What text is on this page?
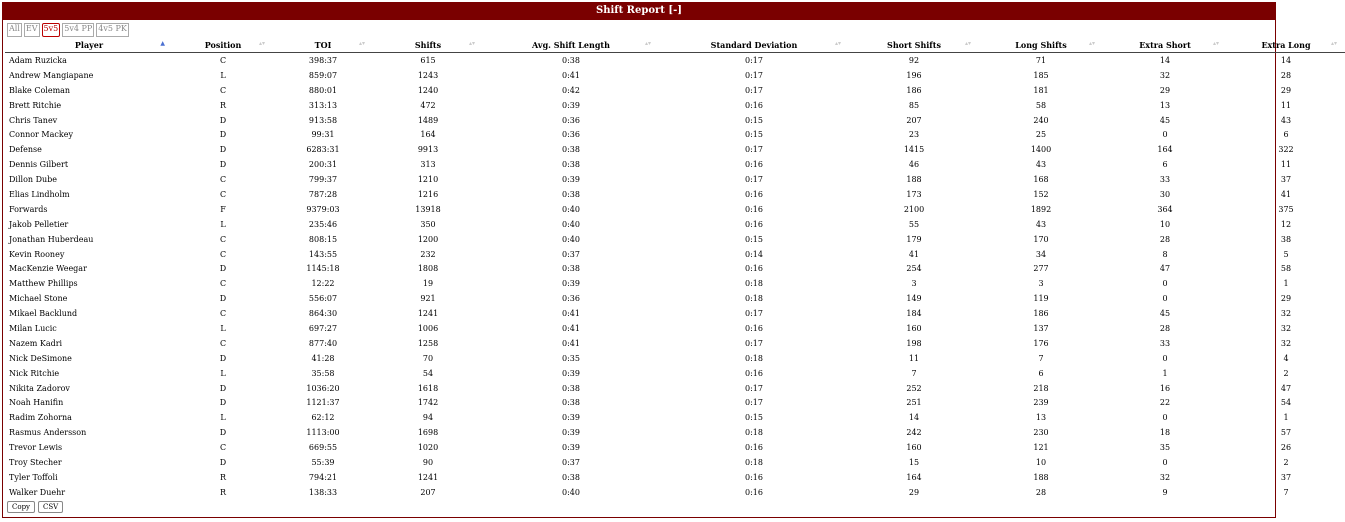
Shift Report [-]
All EV 5v5 5v4 PP 4v5 PK
Player ▲	Position ▴▾	TOI ▴▾	Shifts ▴▾	Avg. Shift Length ▴▾	Standard Deviation ▴▾	Short Shifts ▴▾	Long Shifts ▴▾	Extra Short ▴▾	Extra Long ▴▾

Adam Ruzicka	C	398:37	615	0:38	0:17	92	71	14	14
Andrew Mangiapane	L	859:07	1243	0:41	0:17	196	185	32	28
Blake Coleman	C	880:01	1240	0:42	0:17	186	181	29	29
Brett Ritchie	R	313:13	472	0:39	0:16	85	58	13	11
Chris Tanev	D	913:58	1489	0:36	0:15	207	240	45	43
Connor Mackey	D	99:31	164	0:36	0:15	23	25	0	6
Defense	D	6283:31	9913	0:38	0:17	1415	1400	164	322
Dennis Gilbert	D	200:31	313	0:38	0:16	46	43	6	11
Dillon Dube	C	799:37	1210	0:39	0:17	188	168	33	37
Elias Lindholm	C	787:28	1216	0:38	0:16	173	152	30	41
Forwards	F	9379:03	13918	0:40	0:16	2100	1892	364	375
Jakob Pelletier	L	235:46	350	0:40	0:16	55	43	10	12
Jonathan Huberdeau	C	808:15	1200	0:40	0:15	179	170	28	38
Kevin Rooney	C	143:55	232	0:37	0:14	41	34	8	5
MacKenzie Weegar	D	1145:18	1808	0:38	0:16	254	277	47	58
Matthew Phillips	C	12:22	19	0:39	0:18	3	3	0	1
Michael Stone	D	556:07	921	0:36	0:18	149	119	0	29
Mikael Backlund	C	864:30	1241	0:41	0:17	184	186	45	32
Milan Lucic	L	697:27	1006	0:41	0:16	160	137	28	32
Nazem Kadri	C	877:40	1258	0:41	0:17	198	176	33	32
Nick DeSimone	D	41:28	70	0:35	0:18	11	7	0	4
Nick Ritchie	L	35:58	54	0:39	0:16	7	6	1	2
Nikita Zadorov	D	1036:20	1618	0:38	0:17	252	218	16	47
Noah Hanifin	D	1121:37	1742	0:38	0:17	251	239	22	54
Radim Zohorna	L	62:12	94	0:39	0:15	14	13	0	1
Rasmus Andersson	D	1113:00	1698	0:39	0:18	242	230	18	57
Trevor Lewis	C	669:55	1020	0:39	0:16	160	121	35	26
Troy Stecher	D	55:39	90	0:37	0:18	15	10	0	2
Tyler Toffoli	R	794:21	1241	0:38	0:16	164	188	32	37
Walker Duehr	R	138:33	207	0:40	0:16	29	28	9	7
Copy	CSV
